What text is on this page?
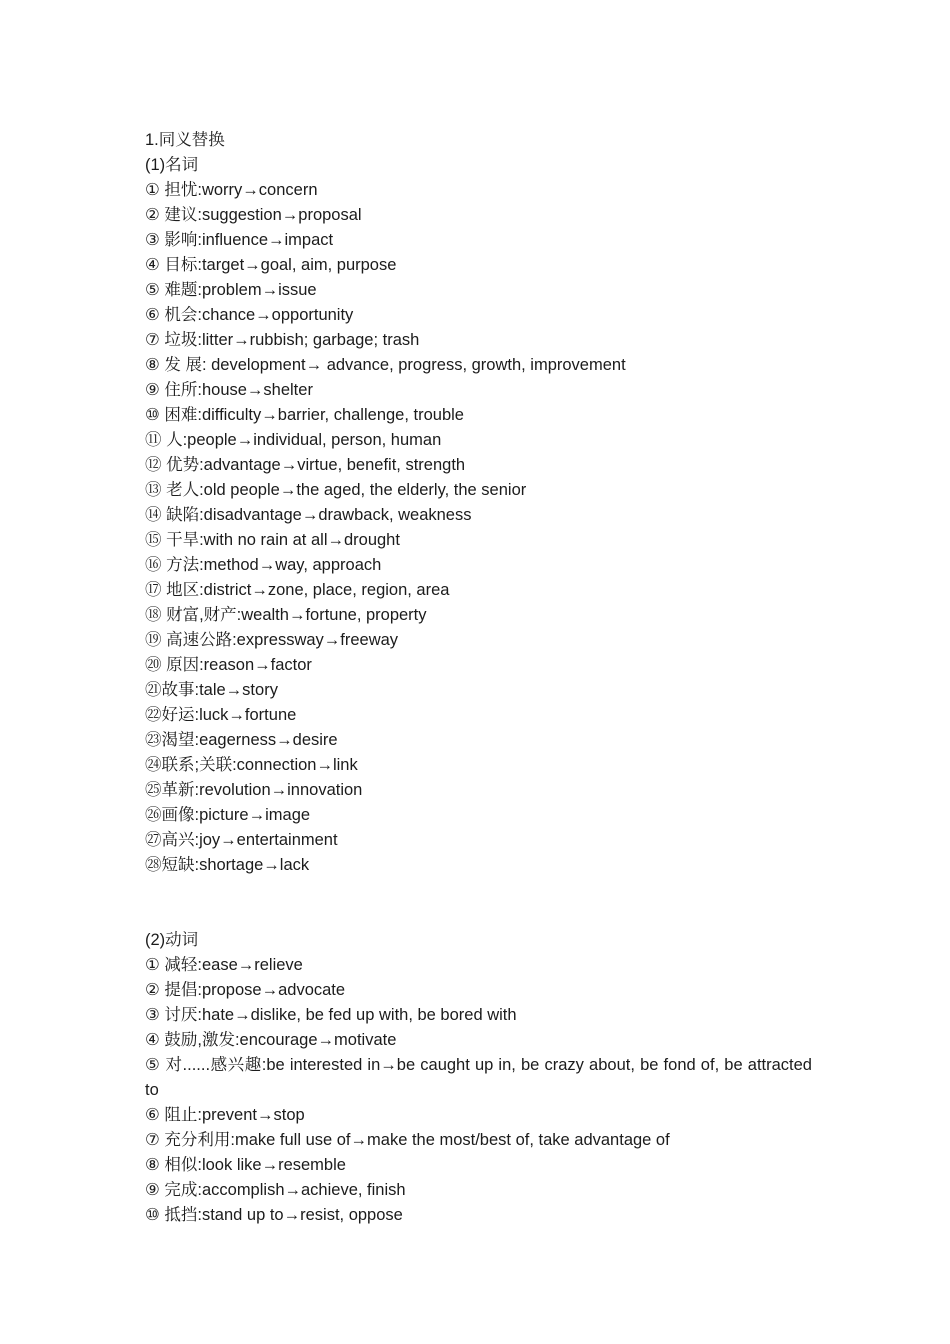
1.同义替换
(1)名词
① 担忧:worry→concern
② 建议:suggestion→proposal
③ 影响:influence→impact
④ 目标:target→goal, aim, purpose
⑤ 难题:problem→issue
⑥ 机会:chance→opportunity
⑦ 垃圾:litter→rubbish; garbage; trash
⑧ 发 展: development→ advance, progress, growth, improvement
⑨ 住所:house→shelter
⑩ 困难:difficulty→barrier, challenge, trouble
⑪ 人:people→individual, person, human
⑫ 优势:advantage→virtue, benefit, strength
⑬ 老人:old people→the aged, the elderly, the senior
⑭ 缺陷:disadvantage→drawback, weakness
⑮ 干旱:with no rain at all→drought
⑯ 方法:method→way, approach
⑰ 地区:district→zone, place, region, area
⑱ 财富,财产:wealth→fortune, property
⑲ 高速公路:expressway→freeway
⑳ 原因:reason→factor
㉑故事:tale→story
㉒好运:luck→fortune
㉓渴望:eagerness→desire
㉔联系;关联:connection→link
㉕革新:revolution→innovation
㉖画像:picture→image
㉗高兴:joy→entertainment
㉘短缺:shortage→lack
(2)动词
① 减轻:ease→relieve
② 提倡:propose→advocate
③ 讨厌:hate→dislike, be fed up with, be bored with
④ 鼓励,激发:encourage→motivate
⑤ 对......感兴趣:be interested in→be caught up in, be crazy about, be fond of, be attracted to
⑥ 阻止:prevent→stop
⑦ 充分利用:make full use of→make the most/best of, take advantage of
⑧ 相似:look like→resemble
⑨ 完成:accomplish→achieve, finish
⑩ 抵挡:stand up to→resist, oppose
